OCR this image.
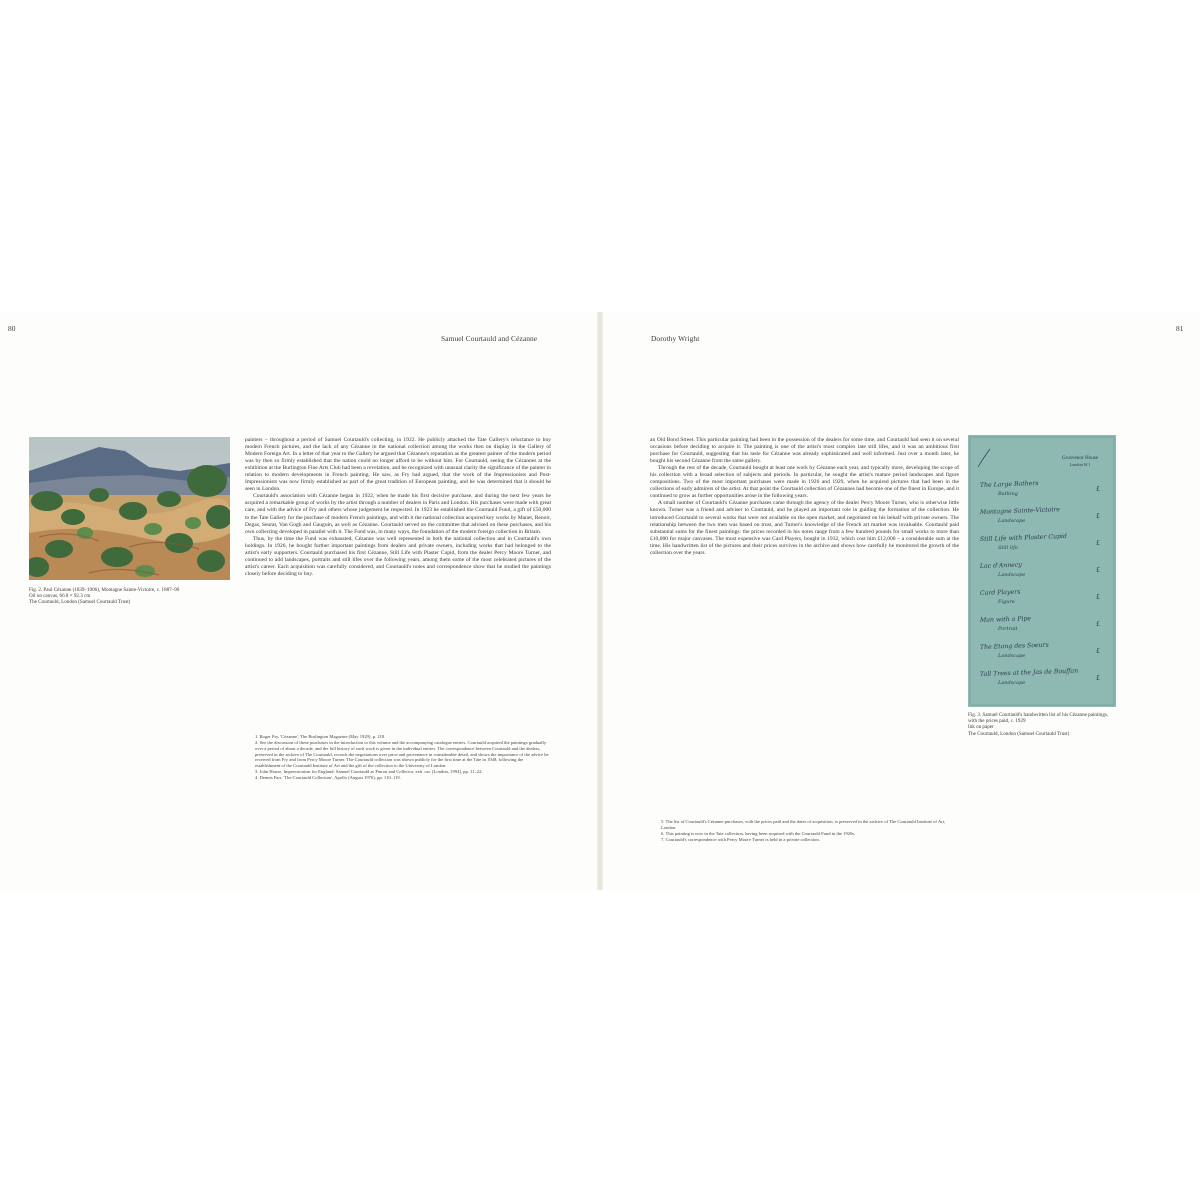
80
Samuel Courtauld and Cézanne
Fig. 2. Paul Cézanne (1839–1906), Montagne Sainte-Victoire, c. 1887–90
Oil on canvas, 66.8 × 92.3 cm
The Courtauld, London (Samuel Courtauld Trust)

painters – throughout a period of Samuel Courtauld's collecting, in 1922. He publicly attacked the Tate Gallery's reluctance to buy modern French pictures, and the lack of any Cézanne in the national collection among the works then on display in the Gallery of Modern Foreign Art. In a letter of that year to the Gallery he argued that Cézanne's reputation as the greatest painter of the modern period was by then so firmly established that the nation could no longer afford to be without him. For Courtauld, seeing the Cézannes at the exhibition at the Burlington Fine Arts Club had been a revelation, and he recognized with unusual clarity the significance of the painter in relation to modern developments in French painting. He saw, as Fry had argued, that the work of the Impressionists and Post-Impressionists was now firmly established as part of the great tradition of European painting, and he was determined that it should be seen in London.

Courtauld's association with Cézanne began in 1922, when he made his first decisive purchase, and during the next few years he acquired a remarkable group of works by the artist through a number of dealers in Paris and London. His purchases were made with great care, and with the advice of Fry and others whose judgement he respected. In 1923 he established the Courtauld Fund, a gift of £50,000 to the Tate Gallery for the purchase of modern French paintings, and with it the national collection acquired key works by Manet, Renoir, Degas, Seurat, Van Gogh and Gauguin, as well as Cézanne. Courtauld served on the committee that advised on these purchases, and his own collecting developed in parallel with it. The Fund was, in many ways, the foundation of the modern foreign collection in Britain.

Thus, by the time the Fund was exhausted, Cézanne was well represented in both the national collection and in Courtauld's own holdings. In 1926, he bought further important paintings from dealers and private owners, including works that had belonged to the artist's early supporters. Courtauld purchased his first Cézanne, Still Life with Plaster Cupid, from the dealer Percy Moore Turner, and continued to add landscapes, portraits and still lifes over the following years, among them some of the most celebrated pictures of the artist's career. Each acquisition was carefully considered, and Courtauld's notes and correspondence show that he studied the paintings closely before deciding to buy.

1. Roger Fry, 'Cézanne', The Burlington Magazine (May 1929), p. 218.

2. See the discussion of these purchases in the introduction to this volume and the accompanying catalogue entries. Courtauld acquired the paintings gradually over a period of about a decade, and the full history of each work is given in the individual entries. The correspondence between Courtauld and the dealers, preserved in the archive of The Courtauld, records the negotiations over price and provenance in considerable detail, and shows the importance of the advice he received from Fry and from Percy Moore Turner. The Courtauld collection was shown publicly for the first time at the Tate in 1948, following the establishment of the Courtauld Institute of Art and the gift of the collection to the University of London.

3. John House, Impressionism for England: Samuel Courtauld as Patron and Collector, exh. cat. (London, 1994), pp. 11–22.

4. Dennis Farr, 'The Courtauld Collection', Apollo (August 1976), pp. 110–119.

Dorothy Wright
81

an Old Bond Street. This particular painting had been in the possession of the dealers for some time, and Courtauld had seen it on several occasions before deciding to acquire it. The painting is one of the artist's most complex late still lifes, and it was an ambitious first purchase for Courtauld, suggesting that his taste for Cézanne was already sophisticated and well informed. Just over a month later, he bought his second Cézanne from the same gallery.

Through the rest of the decade, Courtauld bought at least one work by Cézanne each year, and typically more, developing the scope of his collection with a broad selection of subjects and periods. In particular, he sought the artist's mature period landscapes and figure compositions. Two of the most important purchases were made in 1926 and 1929, when he acquired pictures that had been in the collections of early admirers of the artist. At that point the Courtauld collection of Cézannes had become one of the finest in Europe, and it continued to grow as further opportunities arose in the following years.

A small number of Courtauld's Cézanne purchases came through the agency of the dealer Percy Moore Turner, who is otherwise little known. Turner was a friend and adviser to Courtauld, and he played an important role in guiding the formation of the collection. He introduced Courtauld to several works that were not available on the open market, and negotiated on his behalf with private owners. The relationship between the two men was based on trust, and Turner's knowledge of the French art market was invaluable. Courtauld paid substantial sums for the finest paintings: the prices recorded in his notes range from a few hundred pounds for small works to more than £10,000 for major canvases. The most expensive was Card Players, bought in 1932, which cost him £12,000 – a considerable sum at the time. His handwritten list of the pictures and their prices survives in the archive and shows how carefully he monitored the growth of the collection over the years.

5. The list of Courtauld's Cézanne purchases, with the prices paid and the dates of acquisition, is preserved in the archive of The Courtauld Institute of Art, London.

6. This painting is now in the Tate collection, having been acquired with the Courtauld Fund in the 1920s.

7. Courtauld's correspondence with Percy Moore Turner is held in a private collection.

Grosvenor House
London W.1
The Large Bathers
Bathing
£
Montagne Sainte-Victoire
Landscape
£
Still Life with Plaster Cupid
Still life
£
Lac d'Annecy
Landscape
£
Card Players
Figure
£
Man with a Pipe
Portrait
£
The Etang des Soeurs
Landscape
£
Tall Trees at the Jas de Bouffan
Landscape
£
Fig. 3. Samuel Courtauld's handwritten list of his Cézanne paintings, with the prices paid, c. 1929
Ink on paper
The Courtauld, London (Samuel Courtauld Trust)
